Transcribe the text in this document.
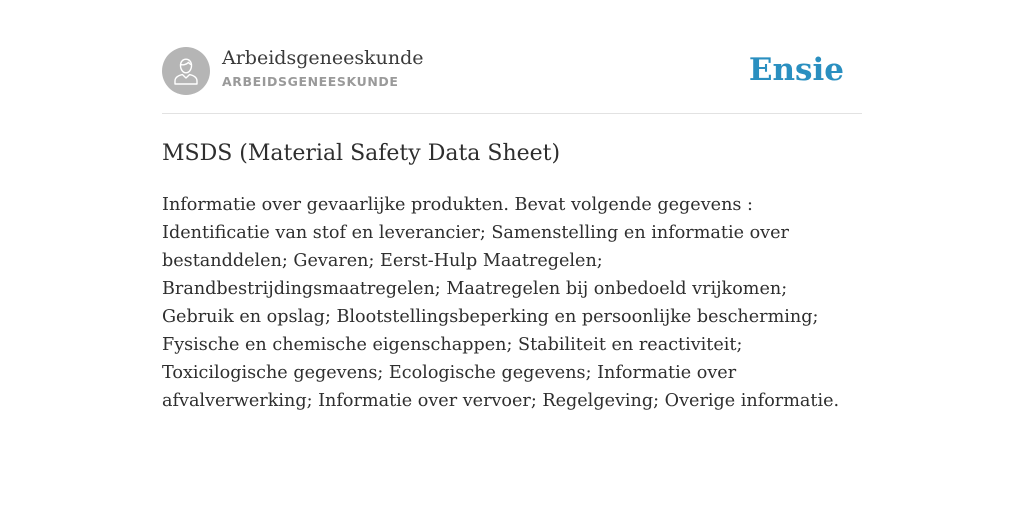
Arbeidsgeneeskunde
ARBEIDSGENEESKUNDE	Ensie
MSDS (Material Safety Data Sheet)

Informatie over gevaarlijke produkten. Bevat volgende gegevens : Identificatie van stof en leverancier; Samenstelling en informatie over bestanddelen; Gevaren; Eerst-Hulp Maatregelen; Brandbestrijdingsmaatregelen; Maatregelen bij onbedoeld vrijkomen; Gebruik en opslag; Blootstellingsbeperking en persoonlijke bescherming; Fysische en chemische eigenschappen; Stabiliteit en reactiviteit; Toxicilogische gegevens; Ecologische gegevens; Informatie over afvalverwerking; Informatie over vervoer; Regelgeving; Overige informatie.
